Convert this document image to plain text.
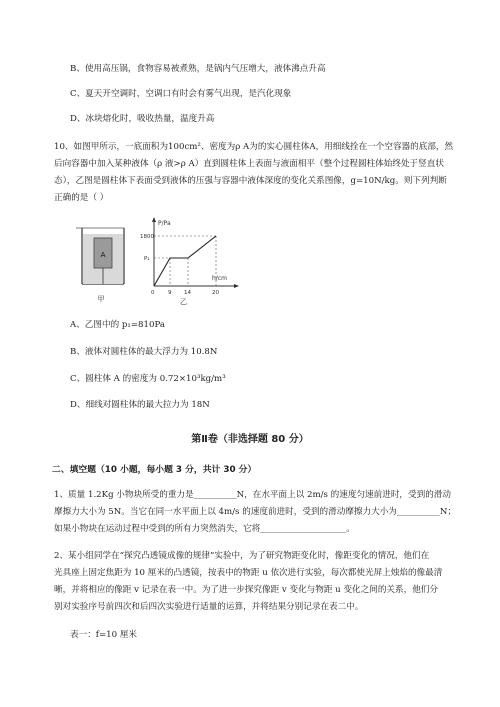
B、使用高压锅，食物容易被煮熟，是锅内气压增大，液体沸点升高
C、夏天开空调时，空调口有时会有雾气出现，是汽化现象
D、冰块熔化时，吸收热量，温度升高
10、如图甲所示，一底面积为100cm²、密度为ρ A为的实心圆柱体A，用细线拴在一个空容器的底部，然
后向容器中加入某种液体（ρ 液>ρ A）直到圆柱体上表面与液面相平（整个过程圆柱体始终处于竖直状
态），乙图是圆柱体下表面受到液体的压强与容器中液体深度的变化关系图像，g=10N/kg。则下列判断
正确的是（ ）
A
甲
P/Pa
h/cm
1800
P₁
0 9 14	20
乙
A、乙图中的 p₁=810Pa
B、液体对圆柱体的最大浮力为 10.8N
C、圆柱体 A 的密度为 0.72×10³kg/m³
D、细线对圆柱体的最大拉力为 18N
第Ⅱ卷（非选择题 80 分）
二、填空题（10 小题，每小题 3 分，共计 30 分）
1、质量 1.2Kg 小物块所受的重力是__________N，在水平面上以 2m/s 的速度匀速前进时，受到的滑动
摩擦力大小为 5N。当它在同一水平面上以 4m/s 的速度前进时，受到的滑动摩擦力大小为__________N；
如果小物块在运动过程中受到的所有力突然消失，它将____________________。
2、某小组同学在“探究凸透镜成像的规律”实验中，为了研究物距变化时，像距变化的情况，他们在
光具座上固定焦距为 10 厘米的凸透镜，按表中的物距 u 依次进行实验，每次都使光屏上烛焰的像最清
晰，并将相应的像距 v 记录在表一中。为了进一步探究像距 v 变化与物距 u 变化之间的关系，他们分
别对实验序号前四次和后四次实验进行适量的运算，并将结果分别记录在表二中。
表一：f=10 厘米
